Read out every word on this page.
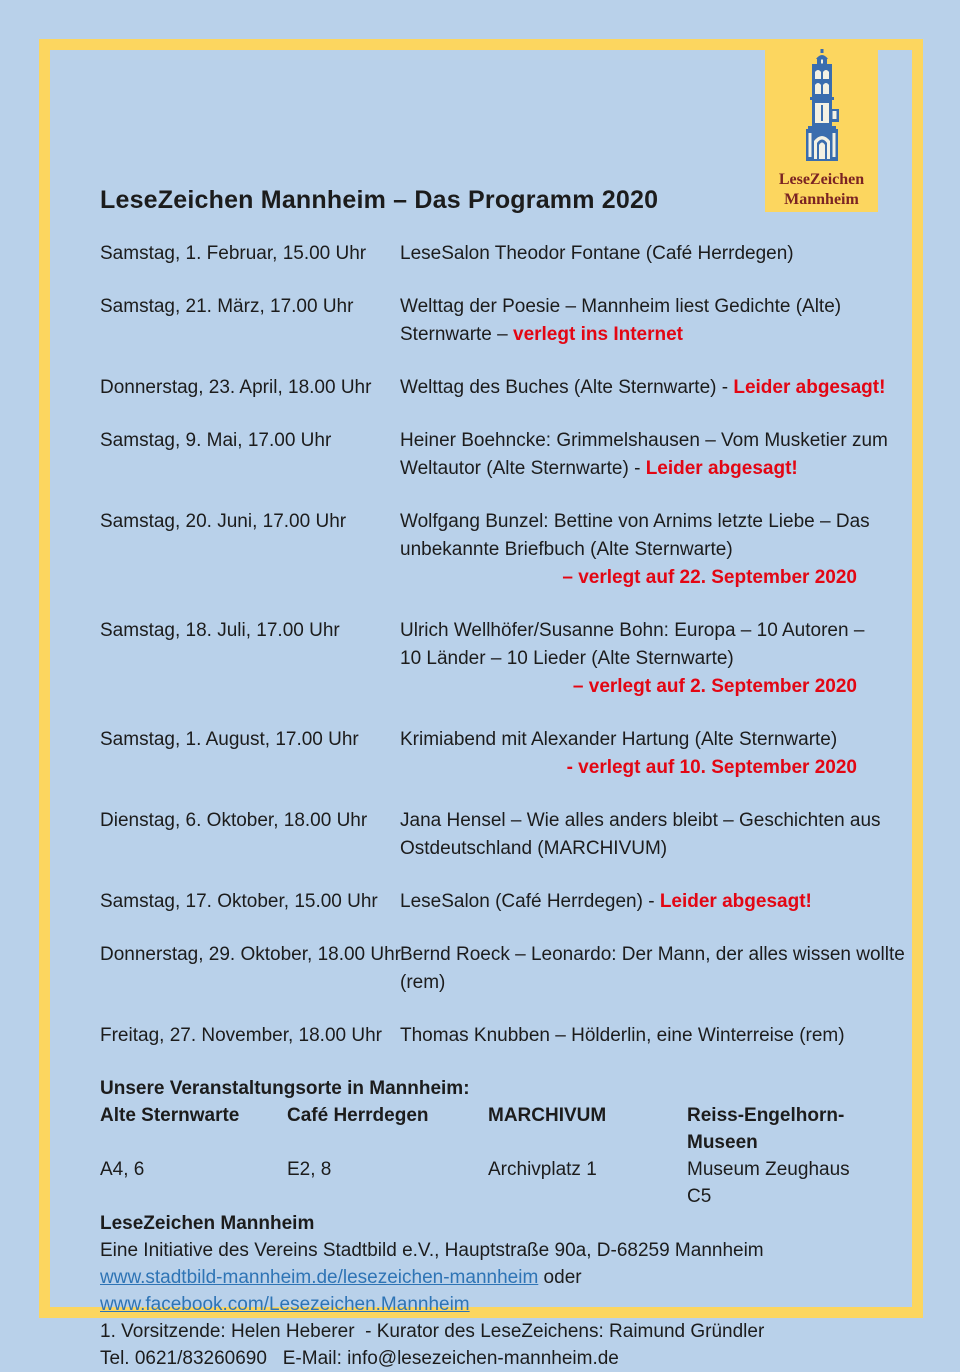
LeseZeichen
Mannheim
LeseZeichen Mannheim – Das Programm 2020
Samstag, 1. Februar, 15.00 Uhr	LeseSalon Theodor Fontane (Café Herrdegen)
Samstag, 21. März, 17.00 Uhr	Welttag der Poesie – Mannheim liest Gedichte (Alte)
Sternwarte – verlegt ins Internet
Donnerstag, 23. April, 18.00 Uhr	Welttag des Buches (Alte Sternwarte) - Leider abgesagt!
Samstag, 9. Mai, 17.00 Uhr	Heiner Boehncke: Grimmelshausen – Vom Musketier zum
Weltautor (Alte Sternwarte) - Leider abgesagt!
Samstag, 20. Juni, 17.00 Uhr	Wolfgang Bunzel: Bettine von Arnims letzte Liebe – Das
unbekannte Briefbuch (Alte Sternwarte)
– verlegt auf 22. September 2020
Samstag, 18. Juli, 17.00 Uhr	Ulrich Wellhöfer/Susanne Bohn: Europa – 10 Autoren –
10 Länder – 10 Lieder (Alte Sternwarte)
– verlegt auf 2. September 2020
Samstag, 1. August, 17.00 Uhr	Krimiabend mit Alexander Hartung (Alte Sternwarte)
- verlegt auf 10. September 2020
Dienstag, 6. Oktober, 18.00 Uhr	Jana Hensel – Wie alles anders bleibt – Geschichten aus
Ostdeutschland (MARCHIVUM)
Samstag, 17. Oktober, 15.00 Uhr	LeseSalon (Café Herrdegen) - Leider abgesagt!
Donnerstag, 29. Oktober, 18.00 Uhr
Bernd Roeck – Leonardo: Der Mann, der alles wissen wollte
(rem)
Freitag, 27. November, 18.00 Uhr Thomas Knubben – Hölderlin, eine Winterreise (rem)
Unsere Veranstaltungsorte in Mannheim:
Alte Sternwarte	Café Herrdegen	MARCHIVUM	Reiss-Engelhorn-Museen
A4, 6	E2, 8	Archivplatz 1	Museum Zeughaus C5
LeseZeichen Mannheim
Eine Initiative des Vereins Stadtbild e.V., Hauptstraße 90a, D-68259 Mannheim
www.stadtbild-mannheim.de/lesezeichen-mannheim oder www.facebook.com/Lesezeichen.Mannheim
1. Vorsitzende: Helen Heberer  - Kurator des LeseZeichens: Raimund Gründler
Tel. 0621/83260690   E-Mail: info@lesezeichen-mannheim.de
